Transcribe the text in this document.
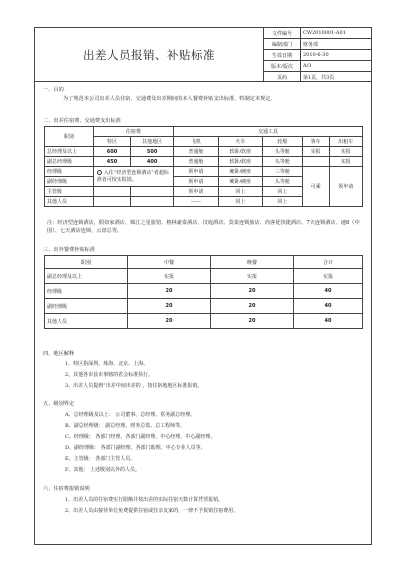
出差人员报销、补贴标准
文件编号	CW2010001-A01
编制部门	财务部
生效日期	2010-6-30
版本/版次	A/3
页码	第1页，共3页
一、目的
为了规范本公司出差人员住宿、交通费及出差期间的本人餐费补贴支出标准，特制定本规定。
二、出差住宿费、交通费支出标准
职别	住宿费		交通工具				
	特区	其他地区	飞机	火车	轮船	客车	出租车
总经理及以上	600	500	普通舱	软卧/软座	头等舱	实报	实报
副总经理级	450	400	普通舱	软卧/软座	头等舱		实报
经理级	入住“经济型连锁酒店”者超标准者可按实报销。		预申请	硬卧/硬座	三等舱	可乘	预申请
副经理级			预申请	硬卧/硬座	头等舱		
主管级			预申请	同上	同上		
其他人员			——	同上	同上		
注：经济型连锁酒店，假如家酒店、锦江之星旅馆、格林豪泰酒店、汉庭酒店、莫泰连锁旅店、尚客优快捷酒店、7天连锁酒店、速8（中国）、七天酒店连锁、云盘总等。
三、出外餐费补贴标准
职别	中餐	晚餐	合计
副总经理及以上	实报	实报	实报
经理级	20	20	40
副经理级	20	20	40
其他人员	20	20	40
四、地区解释
1、特区指深圳、珠海、北京、上海。
2、其他各市县市事辖的省会标准执行。
3、出差人员提到“出差中间出差的 ，按住宿地地区标准报销。
五、级别界定
A、总经理级及以上： 公司董事、总经理、常务副总经理、
B、副总经理级： 副总经理、财务总监、总工程师等。
C、经理级： 各部门经理、各部门副经理、中心经理、中心副经理、
D、副经理级： 各部门副经理、各部门助理、中心专业人员等。
E、主管级： 各部门主管人员。
F、其他： 上述级别以外的人员。
六、住宿费报销说明
1、出差人员的住宿费实行限额并按出差的实际住宿天数计算凭票报销。
2、出差人员由接待单位免费提供住宿或住亲友家的，一律不予报销住宿费用。
